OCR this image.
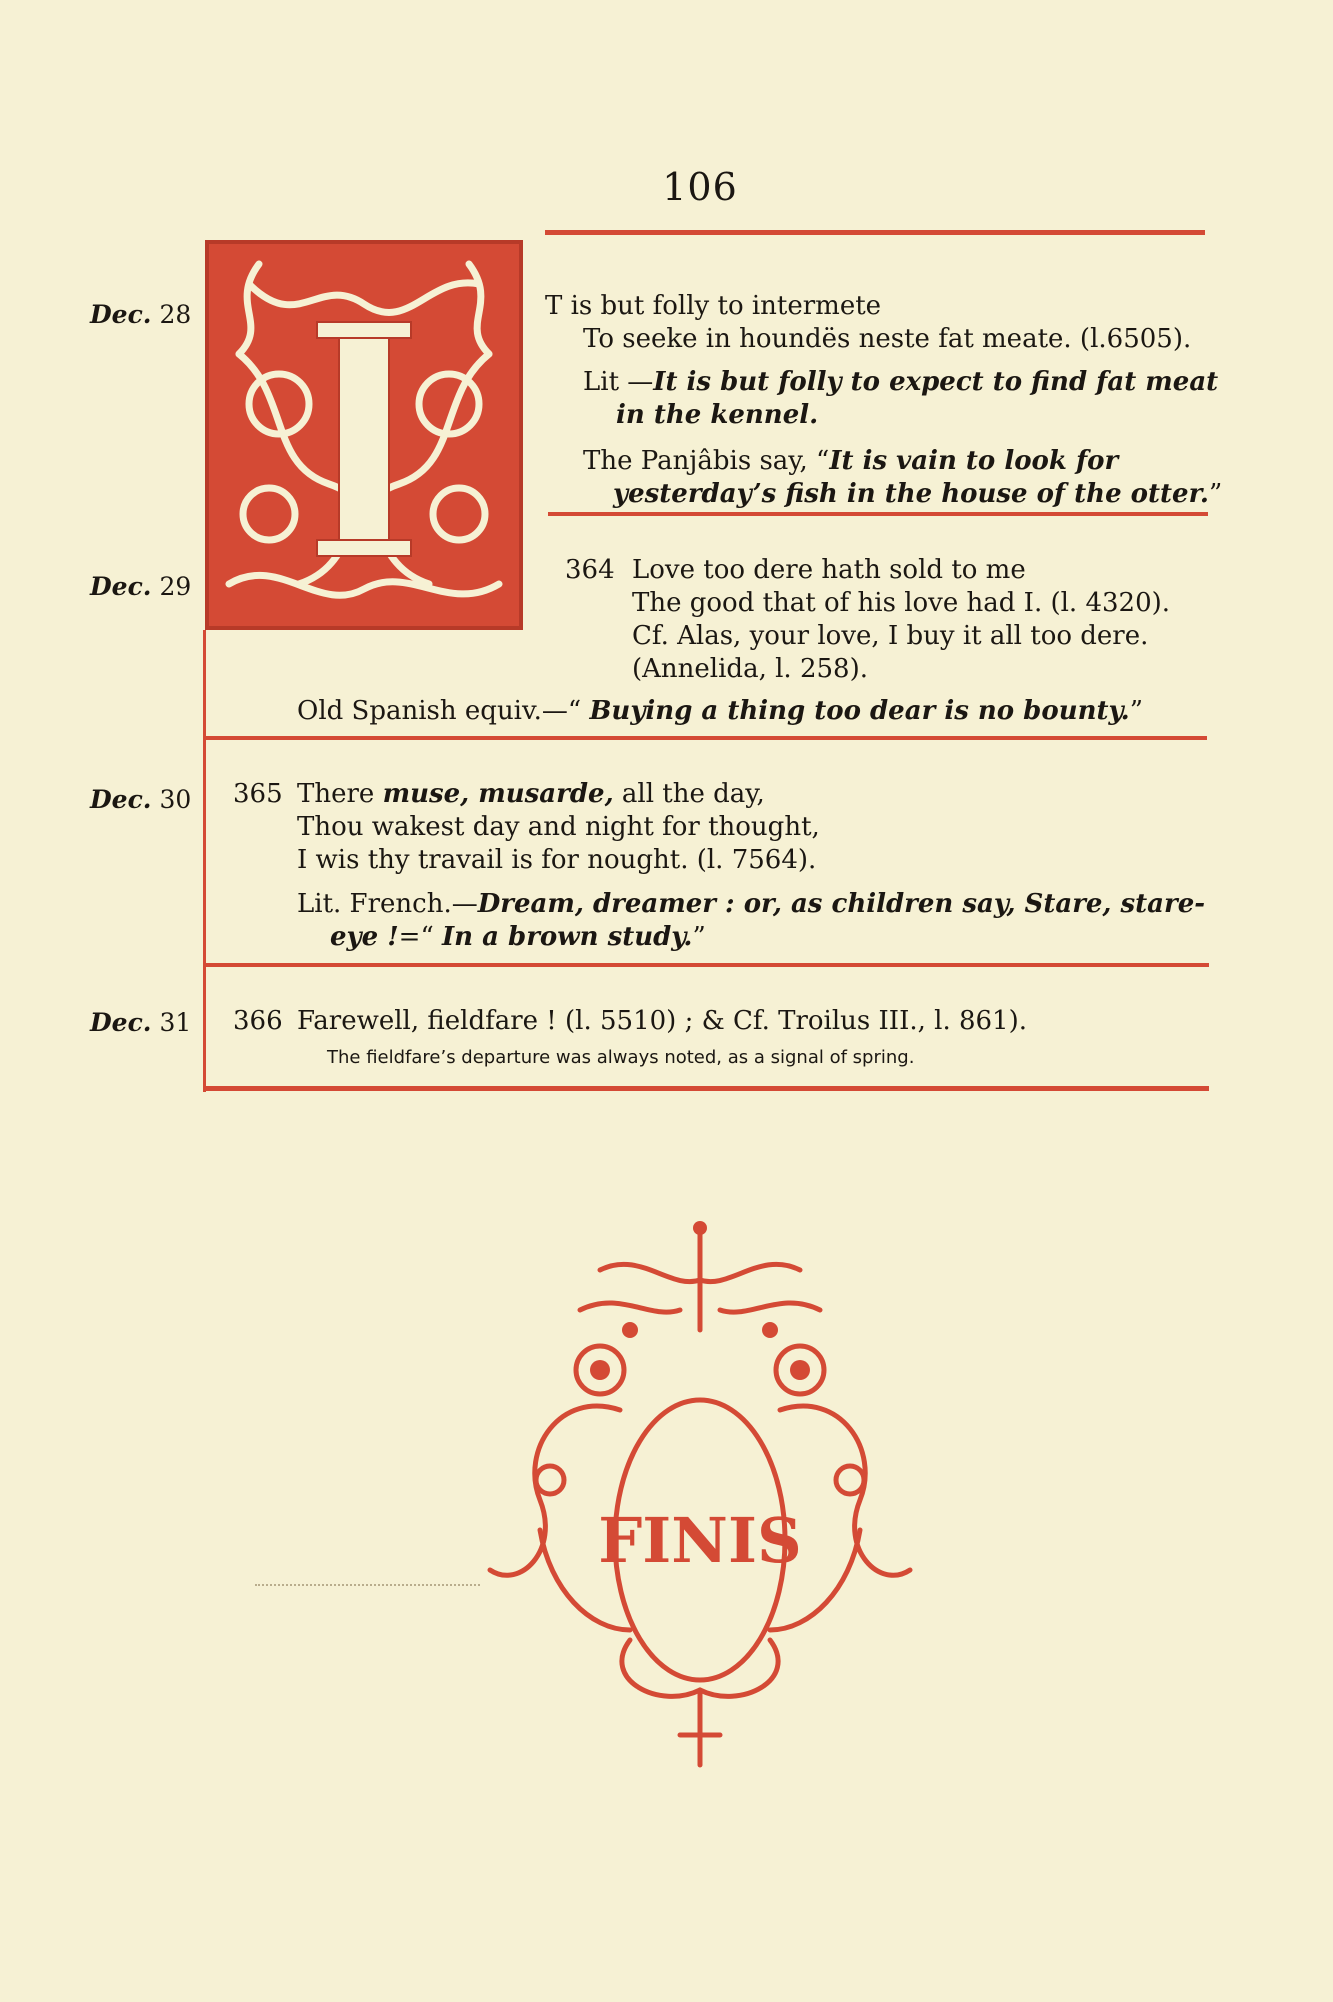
106
Dec. 28
Dec. 29
Dec. 30
Dec. 31
T is but folly to intermete
To seeke in houndës neste fat meate. (l.6505).
Lit —It is but folly to expect to find fat meat
in the kennel.
The Panjâbis say, “It is vain to look for
yesterday’s fish in the house of the otter.”
364 Love too dere hath sold to me
The good that of his love had I. (l. 4320).
Cf. Alas, your love, I buy it all too dere.
(Annelida, l. 258).
Old Spanish equiv.—“ Buying a thing too dear is no bounty.”
365 There muse, musarde, all the day,
Thou wakest day and night for thought,
I wis thy travail is for nought. (l. 7564).
Lit. French.—Dream, dreamer : or, as children say, Stare, stare-
eye !=“ In a brown study.”
366 Farewell, fieldfare ! (l. 5510) ; & Cf. Troilus III., l. 861).
The fieldfare’s departure was always noted, as a signal of spring.
FINIS
